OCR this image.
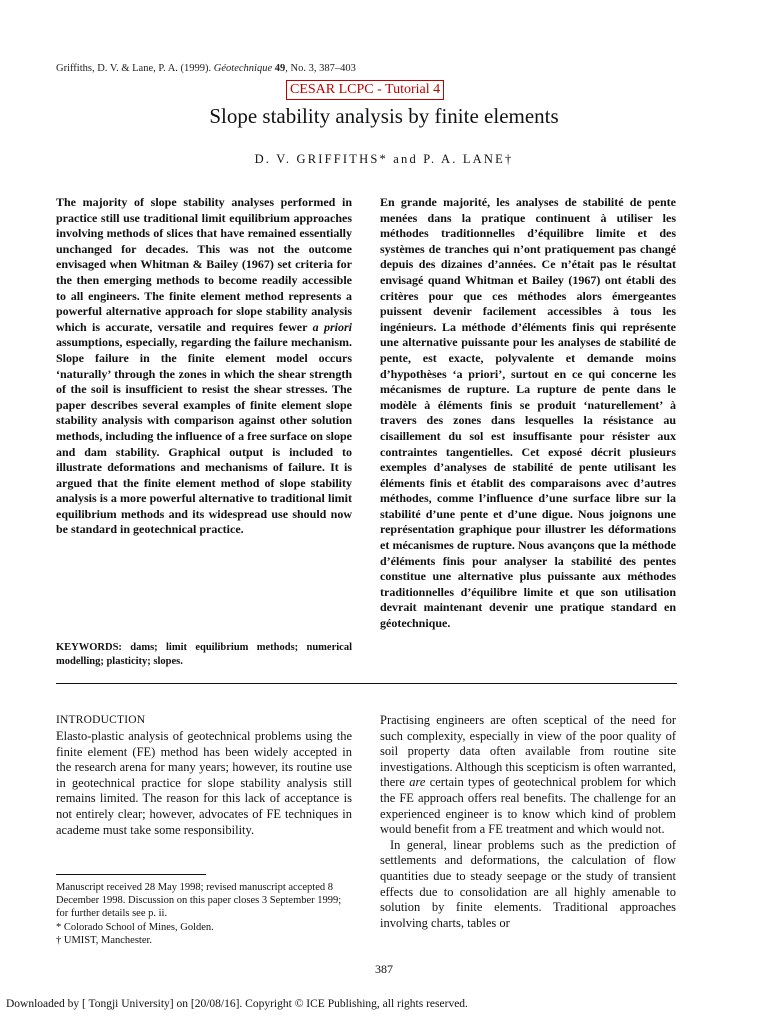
Griffiths, D. V. & Lane, P. A. (1999). Géotechnique 49, No. 3, 387–403
CESAR LCPC - Tutorial 4
Slope stability analysis by finite elements
D. V. GRIFFITHS* and P. A. LANE†

The majority of slope stability analyses performed in practice still use traditional limit equilibrium approaches involving methods of slices that have remained essentially unchanged for decades. This was not the outcome envisaged when Whitman & Bailey (1967) set criteria for the then emerging methods to become readily accessible to all engineers. The finite element method represents a powerful alternative approach for slope stability analysis which is accurate, versatile and requires fewer a priori assumptions, especially, regarding the failure mechanism. Slope failure in the finite element model occurs ‘naturally’ through the zones in which the shear strength of the soil is insufficient to resist the shear stresses. The paper describes several examples of finite element slope stability analysis with comparison against other solution methods, including the influence of a free surface on slope and dam stability. Graphical output is included to illustrate deformations and mechanisms of failure. It is argued that the finite element method of slope stability analysis is a more powerful alternative to traditional limit equilibrium methods and its widespread use should now be standard in geotechnical practice.

En grande majorité, les analyses de stabilité de pente menées dans la pratique continuent à utiliser les méthodes traditionnelles d’équilibre limite et des systèmes de tranches qui n’ont pratiquement pas changé depuis des dizaines d’années. Ce n’était pas le résultat envisagé quand Whitman et Bailey (1967) ont établi des critères pour que ces méthodes alors émergeantes puissent devenir facilement accessibles à tous les ingénieurs. La méthode d’éléments finis qui représente une alternative puissante pour les analyses de stabilité de pente, est exacte, polyvalente et demande moins d’hypothèses ‘a priori’, surtout en ce qui concerne les mécanismes de rupture. La rupture de pente dans le modèle à éléments finis se produit ‘naturellement’ à travers des zones dans lesquelles la résistance au cisaillement du sol est insuffisante pour résister aux contraintes tangentielles. Cet exposé décrit plusieurs exemples d’analyses de stabilité de pente utilisant les éléments finis et établit des comparaisons avec d’autres méthodes, comme l’influence d’une surface libre sur la stabilité d’une pente et d’une digue. Nous joignons une représentation graphique pour illustrer les déformations et mécanismes de rupture. Nous avançons que la méthode d’éléments finis pour analyser la stabilité des pentes constitue une alternative plus puissante aux méthodes traditionnelles d’équilibre limite et que son utilisation devrait maintenant devenir une pratique standard en géotechnique.

KEYWORDS: dams; limit equilibrium methods; numerical modelling; plasticity; slopes.

INTRODUCTION

Elasto-plastic analysis of geotechnical problems using the finite element (FE) method has been widely accepted in the research arena for many years; however, its routine use in geotechnical practice for slope stability analysis still remains limited. The reason for this lack of acceptance is not entirely clear; however, advocates of FE techniques in academe must take some responsibility.

Practising engineers are often sceptical of the need for such complexity, especially in view of the poor quality of soil property data often available from routine site investigations. Although this scepticism is often warranted, there are certain types of geotechnical problem for which the FE approach offers real benefits. The challenge for an experienced engineer is to know which kind of problem would benefit from a FE treatment and which would not.

In general, linear problems such as the prediction of settlements and deformations, the calculation of flow quantities due to steady seepage or the study of transient effects due to consolidation are all highly amenable to solution by finite elements. Traditional approaches involving charts, tables or

Manuscript received 28 May 1998; revised manuscript accepted 8 December 1998. Discussion on this paper closes 3 September 1999; for further details see p. ii.

* Colorado School of Mines, Golden.

† UMIST, Manchester.

387
Downloaded by [ Tongji University] on [20/08/16]. Copyright © ICE Publishing, all rights reserved.
